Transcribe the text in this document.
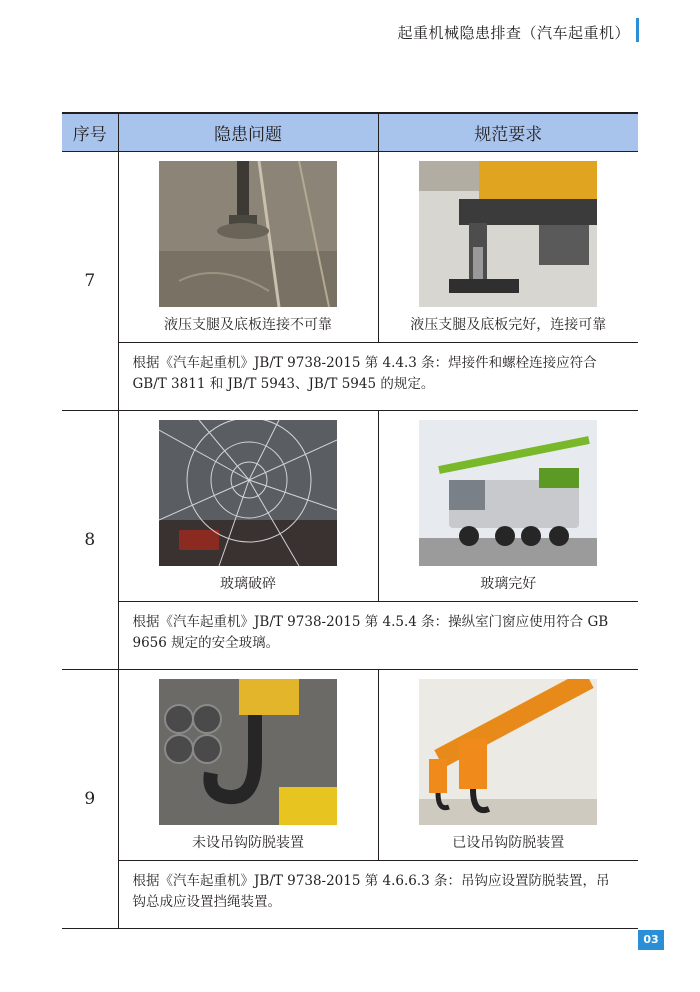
起重机械隐患排查（汽车起重机）
序号	隐患问题	规范要求
7	液压支腿及底板连接不可靠	液压支腿及底板完好，连接可靠

	根据《汽车起重机》JB/T 9738-2015 第 4.4.3 条：焊接件和螺栓连接应符合
GB/T 3811 和 JB/T 5943、JB/T 5945 的规定。	

8	玻璃破碎	玻璃完好

	根据《汽车起重机》JB/T 9738-2015 第 4.5.4 条：操纵室门窗应使用符合 GB
9656 规定的安全玻璃。	

9	未设吊钩防脱装置	已设吊钩防脱装置

	根据《汽车起重机》JB/T 9738-2015 第 4.6.6.3 条：吊钩应设置防脱装置，吊
钩总成应设置挡绳装置。	
03
